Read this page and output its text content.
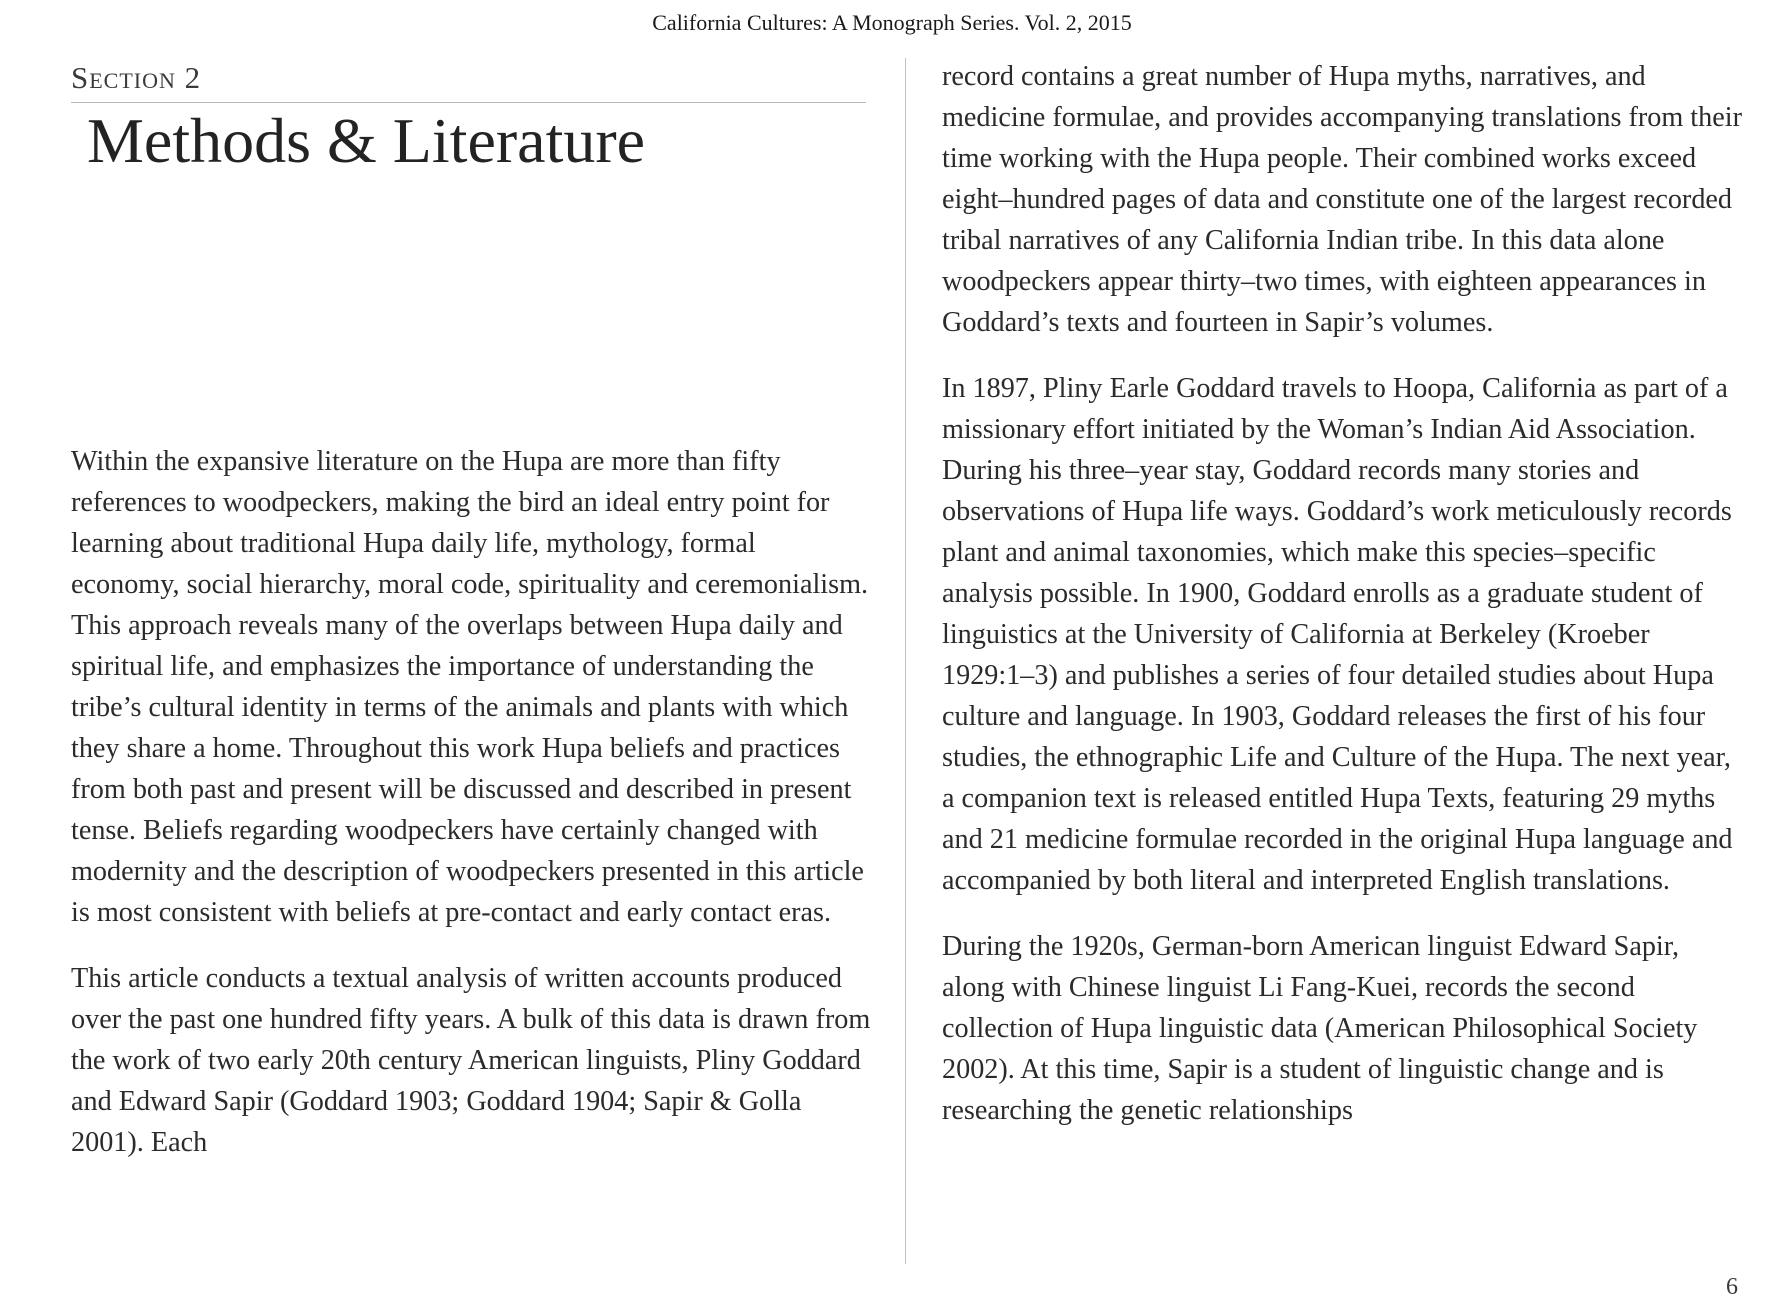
California Cultures: A Monograph Series. Vol. 2, 2015

Section 2

Methods & Literature

Within the expansive literature on the Hupa are more than fifty references to woodpeckers, making the bird an ideal entry point for learning about traditional Hupa daily life, mythology, formal economy, social hierarchy, moral code, spirituality and ceremonialism. This approach reveals many of the overlaps between Hupa daily and spiritual life, and emphasizes the importance of understanding the tribe’s cultural identity in terms of the animals and plants with which they share a home. Throughout this work Hupa beliefs and practices from both past and present will be discussed and described in present tense. Beliefs regarding woodpeckers have certainly changed with modernity and the description of woodpeckers presented in this article is most consistent with beliefs at pre-contact and early contact eras.

This article conducts a textual analysis of written accounts produced over the past one hundred fifty years. A bulk of this data is drawn from the work of two early 20th century American linguists, Pliny Goddard and Edward Sapir (Goddard 1903; Goddard 1904; Sapir & Golla 2001). Each

record contains a great number of Hupa myths, narratives, and medicine formulae, and provides accompanying translations from their time working with the Hupa people. Their combined works exceed eight–hundred pages of data and constitute one of the largest recorded tribal narratives of any California Indian tribe. In this data alone woodpeckers appear thirty–two times, with eighteen appearances in Goddard’s texts and fourteen in Sapir’s volumes.

In 1897, Pliny Earle Goddard travels to Hoopa, California as part of a missionary effort initiated by the Woman’s Indian Aid Association. During his three–year stay, Goddard records many stories and observations of Hupa life ways. Goddard’s work meticulously records plant and animal taxonomies, which make this species–specific analysis possible. In 1900, Goddard enrolls as a graduate student of linguistics at the University of California at Berkeley (Kroeber 1929:1–3) and publishes a series of four detailed studies about Hupa culture and language. In 1903, Goddard releases the first of his four studies, the ethnographic Life and Culture of the Hupa. The next year, a companion text is released entitled Hupa Texts, featuring 29 myths and 21 medicine formulae recorded in the original Hupa language and accompanied by both literal and interpreted English translations.

During the 1920s, German-born American linguist Edward Sapir, along with Chinese linguist Li Fang-Kuei, records the second collection of Hupa linguistic data (American Philosophical Society 2002). At this time, Sapir is a student of linguistic change and is researching the genetic relationships

6
